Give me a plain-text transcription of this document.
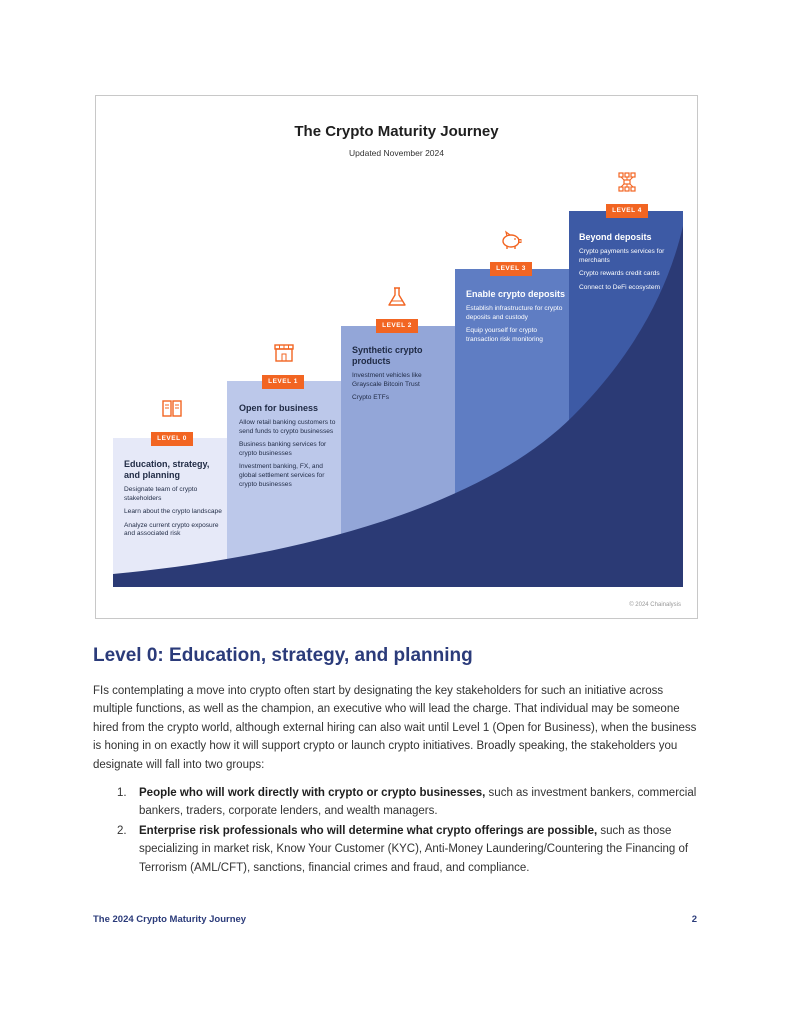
The Crypto Maturity Journey
Updated November 2024
LEVEL 0
Education, strategy, and planning

Designate team of crypto stakeholders

Learn about the crypto landscape

Analyze current crypto exposure and associated risk

LEVEL 1
Open for business

Allow retail banking customers to send funds to crypto businesses

Business banking services for crypto businesses

Investment banking, FX, and global settlement services for crypto businesses

LEVEL 2
Synthetic crypto products

Investment vehicles like Grayscale Bitcoin Trust

Crypto ETFs

LEVEL 3
Enable crypto deposits

Establish infrastructure for crypto deposits and custody

Equip yourself for crypto transaction risk monitoring

LEVEL 4
Beyond deposits

Crypto payments services for merchants

Crypto rewards credit cards

Connect to DeFi ecosystem

© 2024 Chainalysis
Level 0: Education, strategy, and planning

FIs contemplating a move into crypto often start by designating the key stakeholders for such an initiative across multiple functions, as well as the champion, an executive who will lead the charge. That individual may be someone hired from the crypto world, although external hiring can also wait until Level 1 (Open for Business), when the business is honing in on exactly how it will support crypto or launch crypto initiatives. Broadly speaking, the stakeholders you designate will fall into two groups:

1. People who will work directly with crypto or crypto businesses, such as investment bankers, commercial bankers, traders, corporate lenders, and wealth managers.
2. Enterprise risk professionals who will determine what crypto offerings are possible, such as those specializing in market risk, Know Your Customer (KYC), Anti-Money Laundering/Countering the Financing of Terrorism (AML/CFT), sanctions, financial crimes and fraud, and compliance.
The 2024 Crypto Maturity Journey	2
